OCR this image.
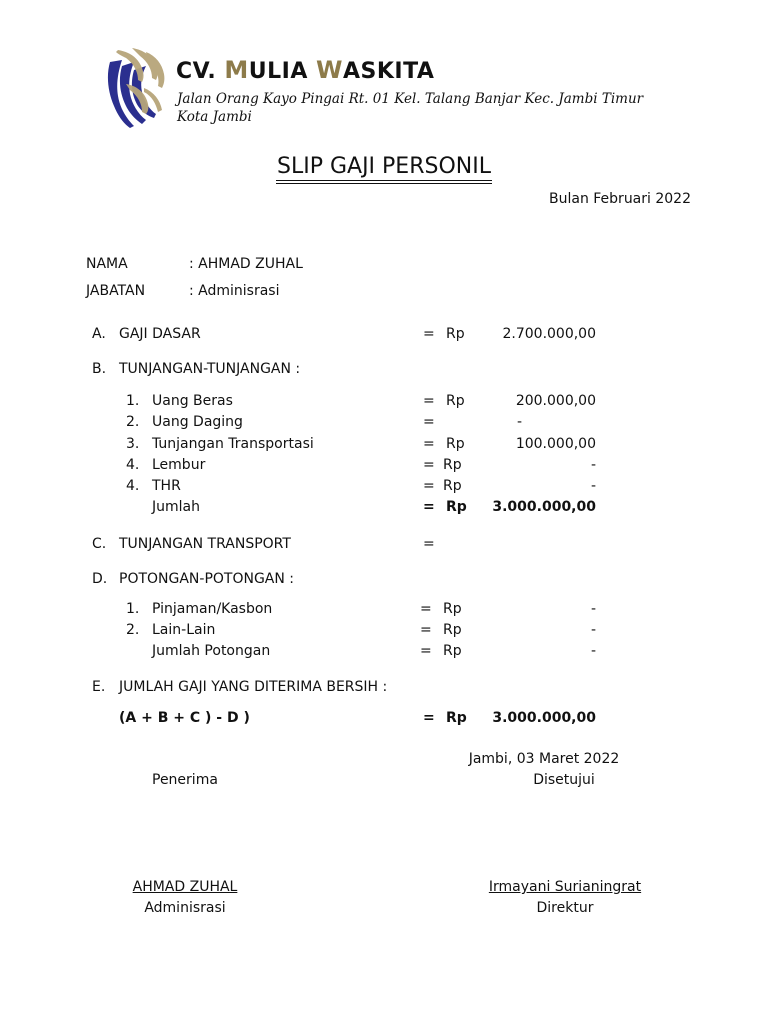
CV. MULIA WASKITA
Jalan Orang Kayo Pingai Rt. 01 Kel. Talang Banjar Kec. Jambi Timur
Kota Jambi
SLIP GAJI PERSONIL
Bulan Februari 2022
NAMA	: AHMAD ZUHAL
JABATAN	: Adminisrasi
A. GAJI DASAR	= Rp	2.700.000,00
B. TUNJANGAN-TUNJANGAN :
1. Uang Beras	= Rp	200.000,00
2. Uang Daging	=	-
3. Tunjangan Transportasi	= Rp	100.000,00
4. Lembur	= Rp	-
4. THR	= Rp	-
Jumlah	= Rp 3.000.000,00
C. TUNJANGAN TRANSPORT	=
D. POTONGAN-POTONGAN :
1. Pinjaman/Kasbon	= Rp	-
2. Lain-Lain	= Rp	-
Jumlah Potongan	= Rp	-
E. JUMLAH GAJI YANG DITERIMA BERSIH :
(A + B + C ) - D )	= Rp 3.000.000,00
Jambi, 03 Maret 2022
Penerima	Disetujui
AHMAD ZUHAL
Adminisrasi
Irmayani Surianingrat
Direktur
